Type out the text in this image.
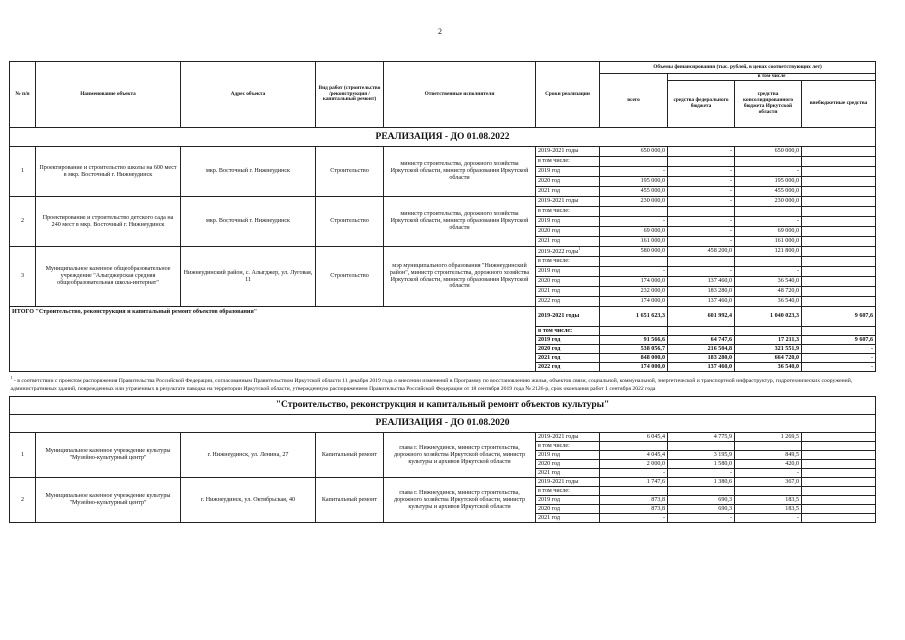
2
№ п/п	Наименование объекта	Адрес объекта	Вид работ (строительство /реконструкция /капитальный ремонт)	Ответственные исполнители	Сроки реализации	Объемы финансирования (тыс. рублей, в ценах соответствующих лет)			
						всего	в том числе		
							средства федерального бюджета	средства консолидированного бюджета Иркутской области	внебюджетные средства
РЕАЛИЗАЦИЯ - ДО 01.08.2022									
1	Проектирование и строительство школы на 600 мест в мкр. Восточный г. Нижнеудинск	мкр. Восточный г. Нижнеудинск	Строительство	министр строительства, дорожного хозяйства Иркутской области, министр образования Иркутской области	2019-2021 годы	650 000,0	-	650 000,0	
					в том числе:				
					2019 год	-	-	-	
					2020 год	195 000,0	-	195 000,0	
					2021 год	455 000,0	-	455 000,0	
2	Проектирование и строительство детского сада на 240 мест в мкр. Восточный г. Нижнеудинск	мкр. Восточный г. Нижнеудинск	Строительство	министр строительства, дорожного хозяйства Иркутской области, министр образования Иркутской области	2019-2021 годы	230 000,0	-	230 000,0	
					в том числе:				
					2019 год	-	-	-	
					2020 год	69 000,0	-	69 000,0	
					2021 год	161 000,0	-	161 000,0	
3	Муниципальное казенное общеобразовательное учреждение "Алыгджерская средняя общеобразовательная школа-интернат"	Нижнеудинский район, с. Алыгджер, ул. Луговая, 11	Строительство	мэр муниципального образования "Нижнеудинский район", министр строительства, дорожного хозяйства Иркутской области, министр образования Иркутской области	2019-2022 годы$^1$	580 000,0	458 200,0	121 800,0	
					в том числе:				
					2019 год	-	-	-	
					2020 год	174 000,0	137 460,0	36 540,0	
					2021 год	232 000,0	183 280,0	48 720,0	
					2022 год	174 000,0	137 460,0	36 540,0	
ИТОГО "Строительство, реконструкция и капитальный ремонт объектов образования"					2019-2021 годы	1 651 623,3	601 992,4	1 040 023,3	9 607,6
					в том числе:				
					2019 год	91 566,6	64 747,6	17 211,3	9 607,6
					2020 год	538 056,7	216 504,8	321 551,9	-
					2021 год	848 000,0	183 280,0	664 720,0	-
					2022 год	174 000,0	137 460,0	36 540,0	-
$^1$ - в соответствии с проектом распоряжения Правительства Российской Федерации, согласованным Правительством Иркутской области 11 декабря 2019 года о внесении изменений в Программу по восстановлению жилья, объектов связи, социальной, коммунальной, энергетической и транспортной инфраструктур, гидротехнических сооружений, административных зданий, поврежденных или утраченных в результате паводка на территории Иркутской области, утвержденную распоряжением Правительства Российской Федерации от 18 сентября 2019 года № 2126-р, срок окончания работ 1 сентября 2022 года									
"Строительство, реконструкция и капитальный ремонт объектов культуры"									
РЕАЛИЗАЦИЯ - ДО 01.08.2020									
1	Муниципальное казенное учреждение культуры "Музейно-культурный центр"	г. Нижнеудинск, ул. Ленина, 27	Капитальный ремонт	глава г. Нижнеудинск, министр строительства, дорожного хозяйства Иркутской области, министр культуры и архивов Иркутской области	2019-2021 годы	6 045,4	4 775,9	1 269,5	
					в том числе:				
					2019 год	4 045,4	3 195,9	849,5	
					2020 год	2 000,0	1 580,0	420,0	
					2021 год	-	-	-	
2	Муниципальное казенное учреждение культуры "Музейно-культурный центр"	г. Нижнеудинск, ул. Октябрьская, 40	Капитальный ремонт	глава г. Нижнеудинск, министр строительства, дорожного хозяйства Иркутской области, министр культуры и архивов Иркутской области	2019-2021 годы	1 747,6	1 380,6	367,0	
					в том числе:				
					2019 год	873,8	690,3	183,5	
					2020 год	873,8	690,3	183,5	
					2021 год	-	-	-	
